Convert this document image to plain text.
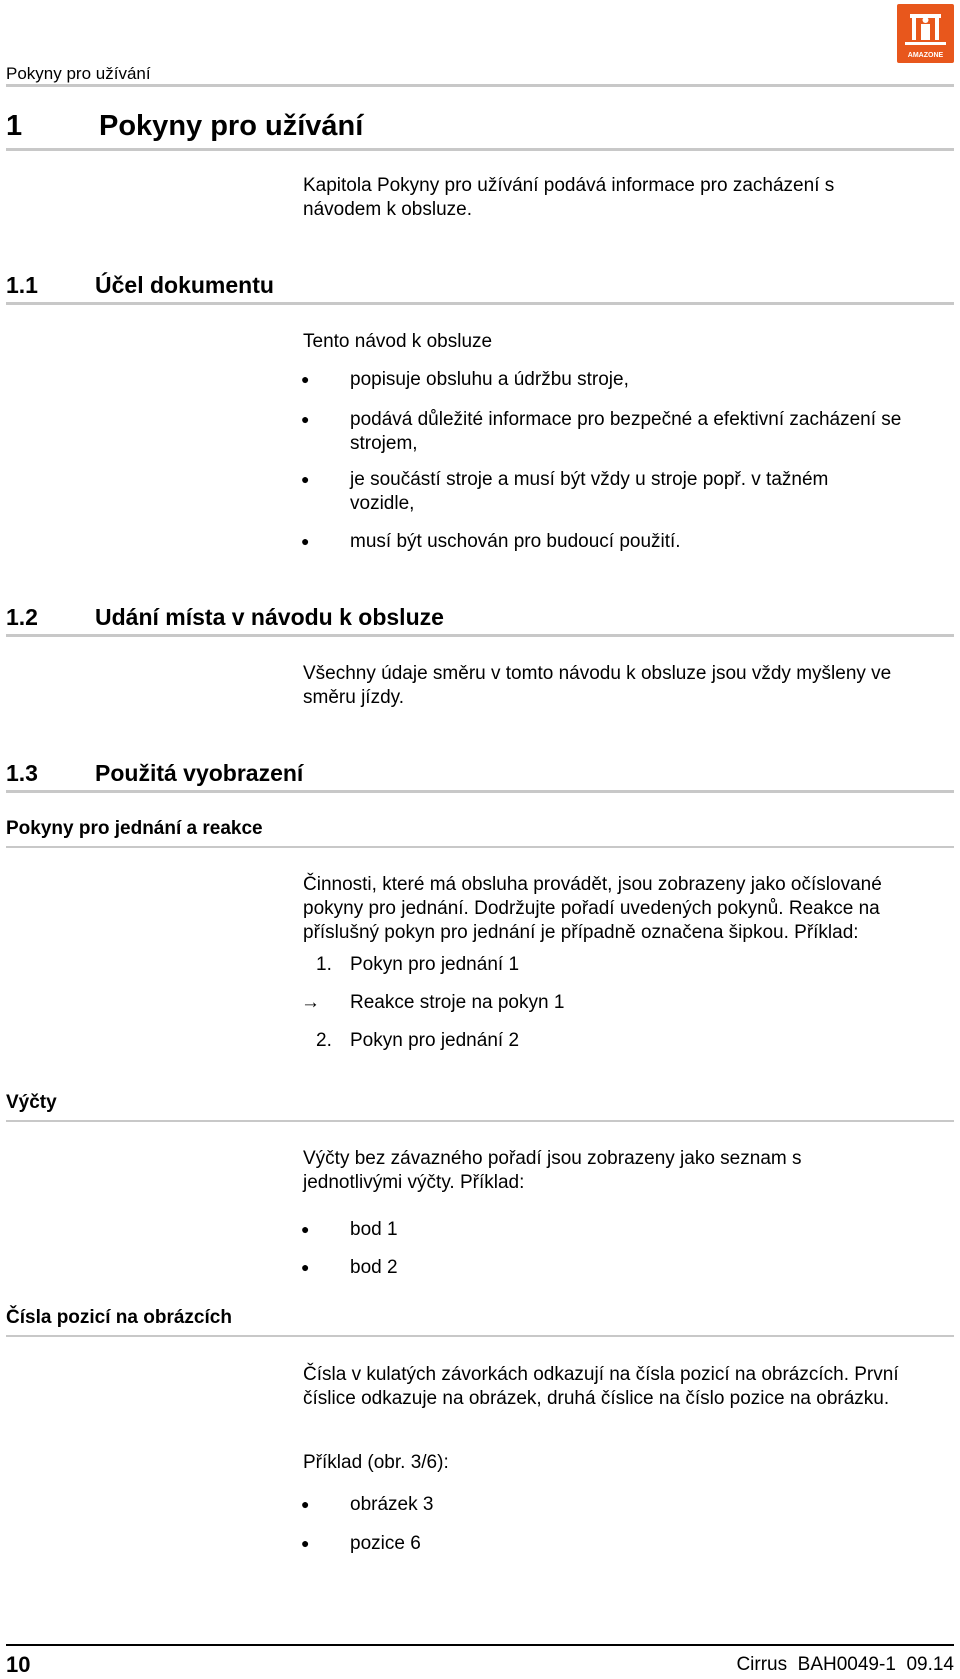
AMAZONE
Pokyny pro užívání
1	Pokyny pro užívání
Kapitola Pokyny pro užívání podává informace pro zacházení s návodem k obsluze.
1.1 Účel dokumentu
Tento návod k obsluze
● popisuje obsluhu a údržbu stroje,
● podává důležité informace pro bezpečné a efektivní zacházení se strojem,
● je součástí stroje a musí být vždy u stroje popř. v tažném vozidle,
● musí být uschován pro budoucí použití.
1.2 Udání místa v návodu k obsluze
Všechny údaje směru v tomto návodu k obsluze jsou vždy myšleny ve směru jízdy.
1.3 Použitá vyobrazení
Pokyny pro jednání a reakce
Činnosti, které má obsluha provádět, jsou zobrazeny jako očíslované pokyny pro jednání. Dodržujte pořadí uvedených pokynů. Reakce na příslušný pokyn pro jednání je případně označena šipkou. Příklad:
1. Pokyn pro jednání 1
→ Reakce stroje na pokyn 1
2. Pokyn pro jednání 2
Výčty
Výčty bez závazného pořadí jsou zobrazeny jako seznam s jednotlivými výčty. Příklad:
● bod 1
● bod 2
Čísla pozicí na obrázcích
Čísla v kulatých závorkách odkazují na čísla pozicí na obrázcích. První číslice odkazuje na obrázek, druhá číslice na číslo pozice na obrázku.
Příklad (obr. 3/6):
● obrázek 3
● pozice 6
10	Cirrus  BAH0049-1  09.14
